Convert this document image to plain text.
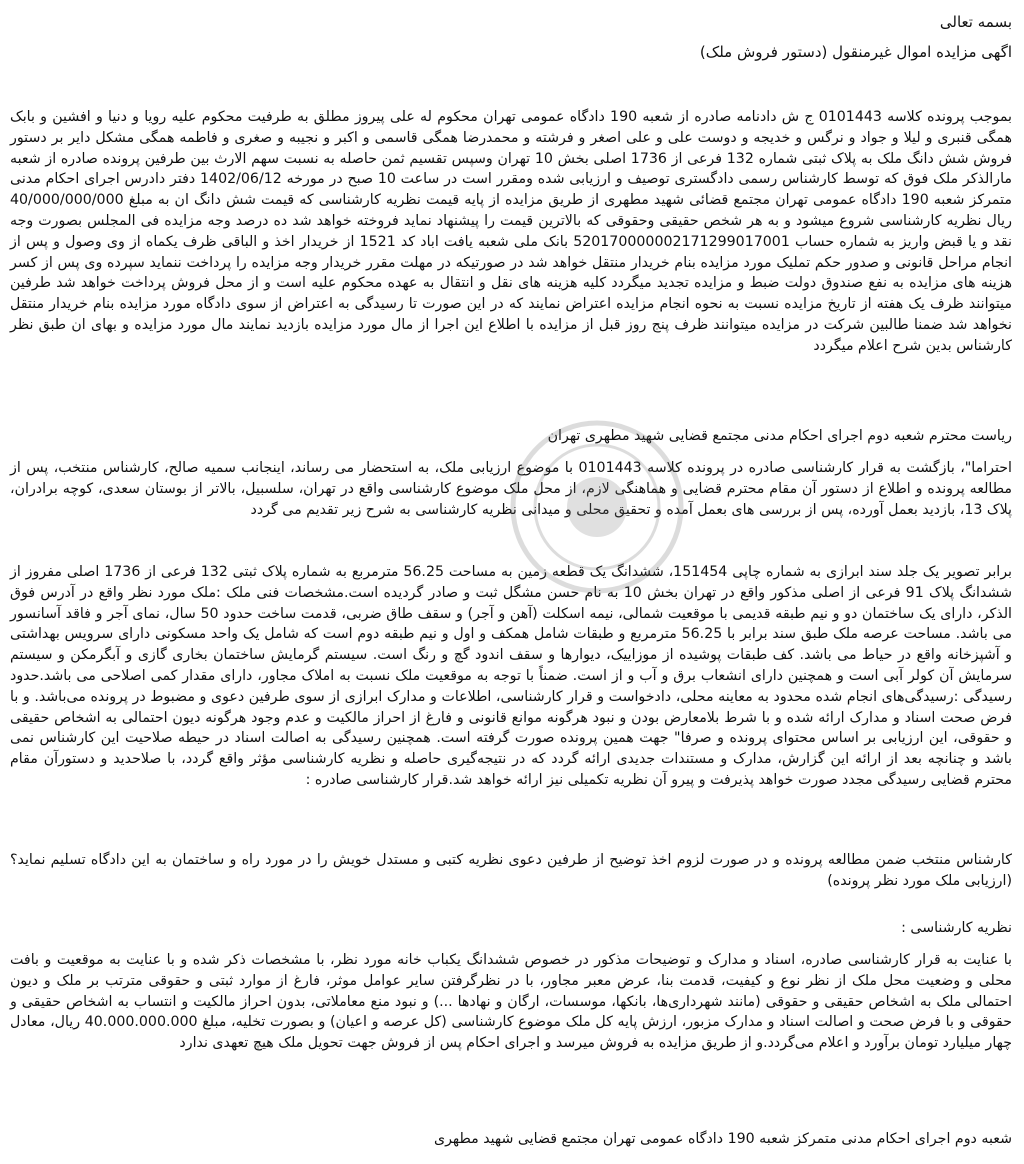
بسمه تعالی

اگهی مزایده اموال غیرمنقول (دستور فروش ملک)

بموجب پرونده کلاسه 0101443 ج ش دادنامه صادره از شعبه 190 دادگاه عمومی تهران محکوم له علی پیروز مطلق به طرفیت محکوم علیه رویا و دنیا و افشین و بابک همگی قنبری و لیلا و جواد و نرگس و خدیجه و دوست علی و علی اصغر و فرشته و محمدرضا همگی قاسمی و اکبر و نجیبه و صغری و فاطمه همگی مشکل دایر بر دستور فروش شش دانگ ملک به پلاک ثبتی شماره 132 فرعی از 1736 اصلی بخش 10 تهران وسپس تقسیم ثمن حاصله به نسبت سهم الارث بین طرفین پرونده صادره از شعبه مارالذکر ملک فوق که توسط کارشناس رسمی دادگستری توصیف و ارزیابی شده ومقرر است در ساعت 10 صبح در مورخه 1402/06/12 دفتر دادرس اجرای احکام مدنی متمرکز شعبه 190 دادگاه عمومی تهران مجتمع قضائی شهید مطهری از طریق مزایده از پایه قیمت نظریه کارشناسی که قیمت شش دانگ ان به مبلغ 40/000/000/000 ریال نظریه کارشناسی شروع میشود و به هر شخص حقیقی وحقوقی که بالاترین قیمت را پیشنهاد نماید فروخته خواهد شد ده درصد وجه مزایده فی المجلس بصورت وجه نقد و یا قبض واریز به شماره حساب 520170000002171299017001 بانک ملی شعبه یافت اباد کد 1521 از خریدار اخذ و الباقی ظرف یکماه از وی وصول و پس از انجام مراحل قانونی و صدور حکم تملیک مورد مزایده بنام خریدار منتقل خواهد شد در صورتیکه در مهلت مقرر خریدار وجه مزایده را پرداخت ننماید سپرده وی پس از کسر هزینه های مزایده به نفع صندوق دولت ضبط و مزایده تجدید میگردد کلیه هزینه های نقل و انتقال به عهده محکوم علیه است و از محل فروش پرداخت خواهد شد طرفین میتوانند ظرف یک هفته از تاریخ مزایده نسبت به نحوه انجام مزایده اعتراض نمایند که در این صورت تا رسیدگی به اعتراض از سوی دادگاه مورد مزایده بنام خریدار منتقل نخواهد شد ضمنا طالبین شرکت در مزایده میتوانند ظرف پنج روز قبل از مزایده با اطلاع این اجرا از مال مورد مزایده بازدید نمایند مال مورد مزایده و بهای ان طبق نظر کارشناس بدین شرح اعلام میگردد

ریاست محترم شعبه دوم اجرای احکام مدنی مجتمع قضایی شهید مطهری تهران

احتراما"، بازگشت به قرار کارشناسی صادره در پرونده کلاسه 0101443 با موضوع ارزیابی ملک، به استحضار می رساند، اینجانب سمیه صالح، کارشناس منتخب، پس از مطالعه پرونده و اطلاع از دستور آن مقام محترم قضایی و هماهنگی لازم، از محل ملک موضوع کارشناسی واقع در تهران، سلسبیل، بالاتر از بوستان سعدی، کوچه برادران، پلاک 13، بازدید بعمل آورده، پس از بررسی های بعمل آمده و تحقیق محلی و میدانی نظریه کارشناسی به شرح زیر تقدیم می گردد

برابر تصویر یک جلد سند ابرازی به شماره چاپی 151454، ششدانگ یک قطعه زمین به مساحت 56.25 مترمربع به شماره پلاک ثبتی 132 فرعی از 1736 اصلی مفروز از ششدانگ پلاک 91 فرعی از اصلی مذکور واقع در تهران بخش 10 به نام حسن مشگل ثبت و صادر گردیده است.مشخصات فنی ملک :ملک مورد نظر واقع در آدرس فوق الذکر، دارای یک ساختمان دو و نیم طبقه قدیمی با موقعیت شمالی، نیمه اسکلت (آهن و آجر) و سقف طاق ضربی، قدمت ساخت حدود 50 سال، نمای آجر و فاقد آسانسور می باشد. مساحت عرصه ملک طبق سند برابر با 56.25 مترمربع و طبقات شامل همکف و اول و نیم طبقه دوم است که شامل یک واحد مسکونی دارای سرویس بهداشتی و آشپزخانه واقع در حیاط می باشد. کف طبقات پوشیده از موزاییک، دیوارها و سقف اندود گچ و رنگ است. سیستم گرمایش ساختمان بخاری گازی و آبگرمکن و سیستم سرمایش آن کولر آبی است و همچنین دارای انشعاب برق و آب و از است. ضمناً با توجه به موقعیت ملک نسبت به املاک مجاور، دارای مقدار کمی اصلاحی می باشد.حدود رسیدگی :رسیدگی‌های انجام شده محدود به معاینه محلی، دادخواست و قرار کارشناسی، اطلاعات و مدارک ابرازی از سوی طرفین دعوی و مضبوط در پرونده می‌باشد. و با فرض صحت اسناد و مدارک ارائه شده و با شرط بلامعارض بودن و نبود هرگونه موانع قانونی و فارغ از احراز مالکیت و عدم وجود هرگونه دیون احتمالی به اشخاص حقیقی و حقوقی، این ارزیابی بر اساس محتوای پرونده و صرفا" جهت همین پرونده صورت گرفته است. همچنین رسیدگی به اصالت اسناد در حیطه صلاحیت این کارشناس نمی باشد و چنانچه بعد از ارائه این گزارش، مدارک و مستندات جدیدی ارائه گردد که در نتیجه‌گیری حاصله و نظریه کارشناسی مؤثر واقع گردد، با صلاحدید و دستورآن مقام محترم قضایی رسیدگی مجدد صورت خواهد پذیرفت و پیرو آن نظریه تکمیلی نیز ارائه خواهد شد.قرار کارشناسی صادره :

کارشناس منتخب ضمن مطالعه پرونده و در صورت لزوم اخذ توضیح از طرفین دعوی نظریه کتبی و مستدل خویش را در مورد راه و ساختمان به این دادگاه تسلیم نماید؟ (ارزیابی ملک مورد نظر پرونده)

نظریه کارشناسی :

با عنایت به قرار کارشناسی صادره، اسناد و مدارک و توضیحات مذکور در خصوص ششدانگ یکباب خانه مورد نظر، با مشخصات ذکر شده و با عنایت به موقعیت و بافت محلی و وضعیت محل ملک از نظر نوع و کیفیت، قدمت بنا، عرض معبر مجاور، با در نظرگرفتن سایر عوامل موثر، فارغ از موارد ثبتی و حقوقی مترتب بر ملک و دیون احتمالی ملک به اشخاص حقیقی و حقوقی (مانند شهرداری‌ها، بانکها، موسسات، ارگان و نهادها ...) و نبود منع معاملاتی، بدون احراز مالکیت و انتساب به اشخاص حقیقی و حقوقی و با فرض صحت و اصالت اسناد و مدارک مزبور، ارزش پایه کل ملک موضوع کارشناسی (کل عرصه و اعیان) و بصورت تخلیه، مبلغ 40.000.000.000 ریال، معادل چهار میلیارد تومان برآورد و اعلام می‌گردد.و از طریق مزایده به فروش میرسد و اجرای احکام پس از فروش جهت تحویل ملک هیچ تعهدی ندارد

شعبه دوم اجرای احکام مدنی متمرکز شعبه 190 دادگاه عمومی تهران مجتمع قضایی شهید مطهری
